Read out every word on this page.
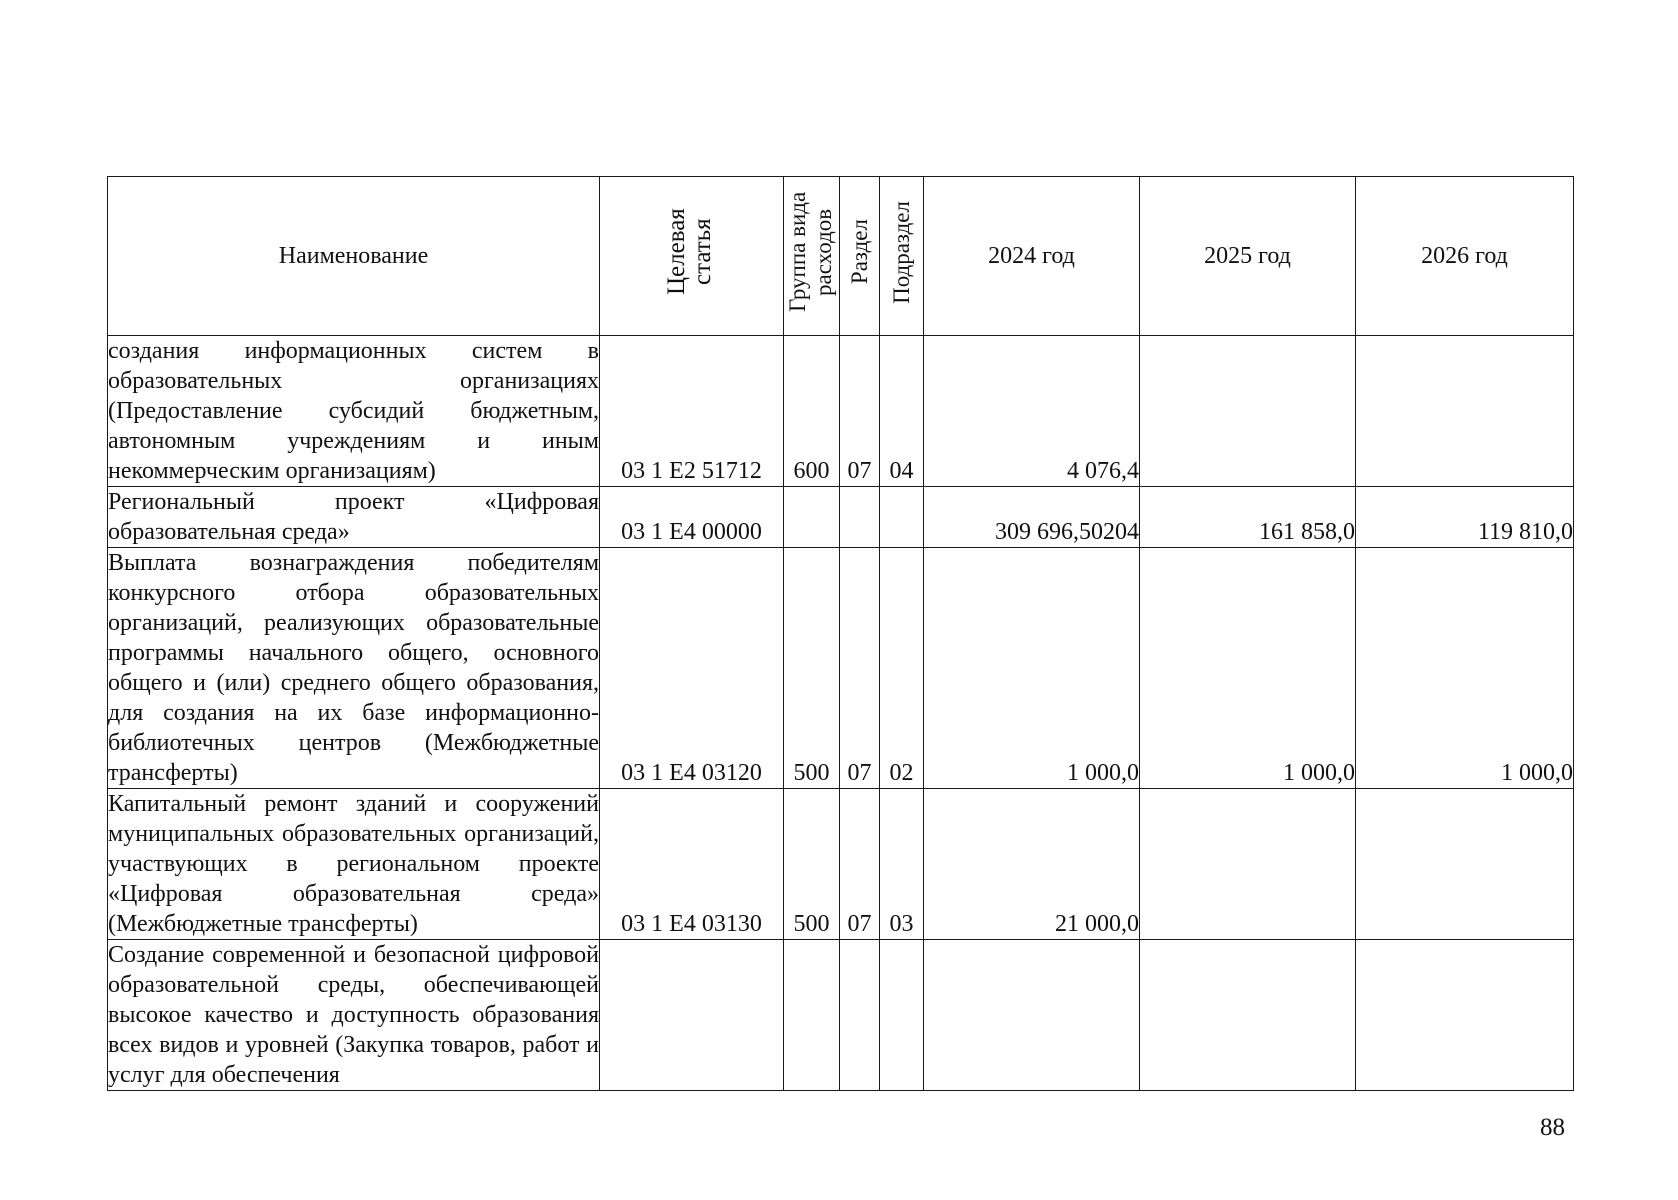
Наименование	Целевая статья	Группа вида расходов	Раздел	Подраздел	2024 год	2025 год	2026 год
создания информационных систем в образовательных организациях (Предоставление субсидий бюджетным, автономным учреждениям и иным некоммерческим организациям)	03 1 E2 51712	600	07	04	4 076,4		
Региональный проект «Цифровая образовательная среда»	03 1 E4 00000				309 696,50204	161 858,0	119 810,0
Выплата вознаграждения победителям конкурсного отбора образовательных организаций, реализующих образовательные программы начального общего, основного общего и (или) среднего общего образования, для создания на их базе информационно-библиотечных центров (Межбюджетные трансферты)	03 1 E4 03120	500	07	02	1 000,0	1 000,0	1 000,0
Капитальный ремонт зданий и сооружений муниципальных образовательных организаций, участвующих в региональном проекте «Цифровая образовательная среда» (Межбюджетные трансферты)	03 1 E4 03130	500	07	03	21 000,0		
Создание современной и безопасной цифровой образовательной среды, обеспечивающей высокое качество и доступность образования всех видов и уровней (Закупка товаров, работ и услуг для обеспечения							
88
